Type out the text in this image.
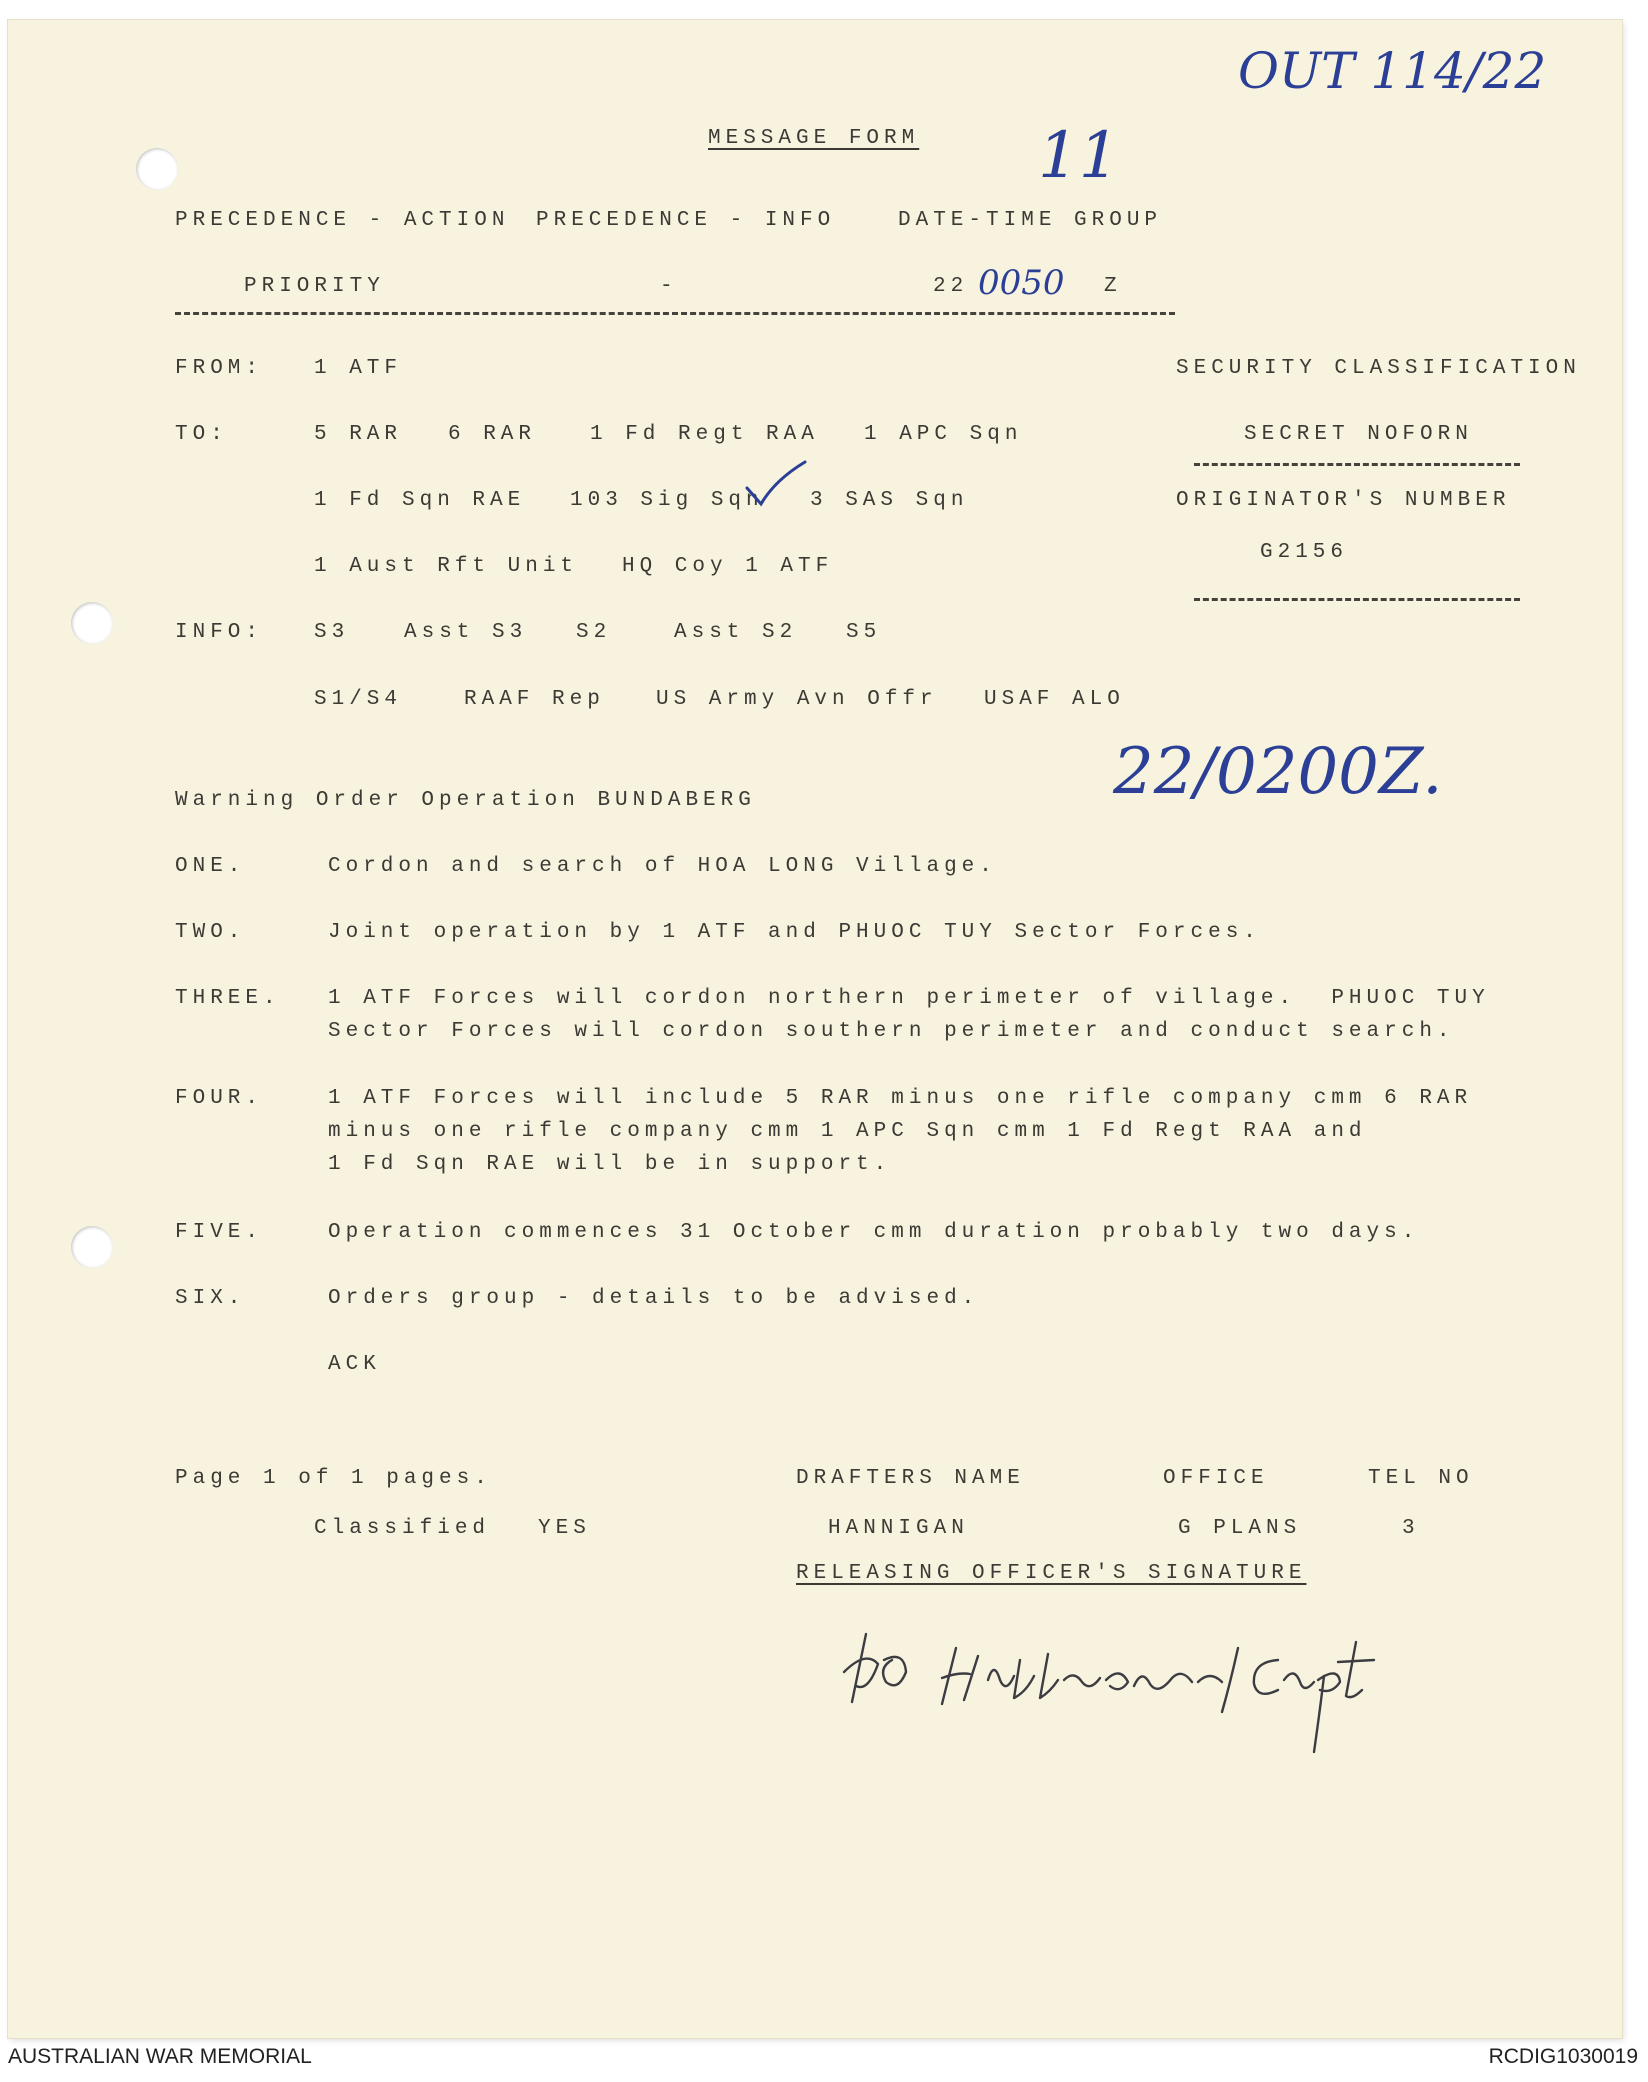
OUT 114/22
11
22/0200Z.
MESSAGE FORM
PRECEDENCE - ACTION PRECEDENCE - INFO	DATE-TIME GROUP
PRIORITY	-	22 0050 Z
FROM: 1 ATF
TO:	5 RAR 6 RAR	1 Fd Regt RAA 1 APC Sqn
1 Fd Sqn RAE 103 Sig Sqn 3 SAS Sqn
1 Aust Rft Unit HQ Coy 1 ATF
INFO: S3	Asst S3 S2	Asst S2 S5
S1/S4	RAAF Rep US Army Avn Offr USAF ALO
SECURITY CLASSIFICATION
SECRET NOFORN
ORIGINATOR'S NUMBER
G2156
Warning Order Operation BUNDABERG
ONE.	Cordon and search of HOA LONG Village.
TWO.	Joint operation by 1 ATF and PHUOC TUY Sector Forces.
THREE. 1 ATF Forces will cordon northern perimeter of village.  PHUOC TUY
Sector Forces will cordon southern perimeter and conduct search.
FOUR.	1 ATF Forces will include 5 RAR minus one rifle company cmm 6 RAR
minus one rifle company cmm 1 APC Sqn cmm 1 Fd Regt RAA and
1 Fd Sqn RAE will be in support.
FIVE.	Operation commences 31 October cmm duration probably two days.
SIX.	Orders group - details to be advised.
ACK
Page 1 of 1 pages.	DRAFTERS NAME	OFFICE	TEL NO
Classified YES	HANNIGAN	G PLANS	3
RELEASING OFFICER'S SIGNATURE
AUSTRALIAN WAR MEMORIAL	RCDIG1030019
